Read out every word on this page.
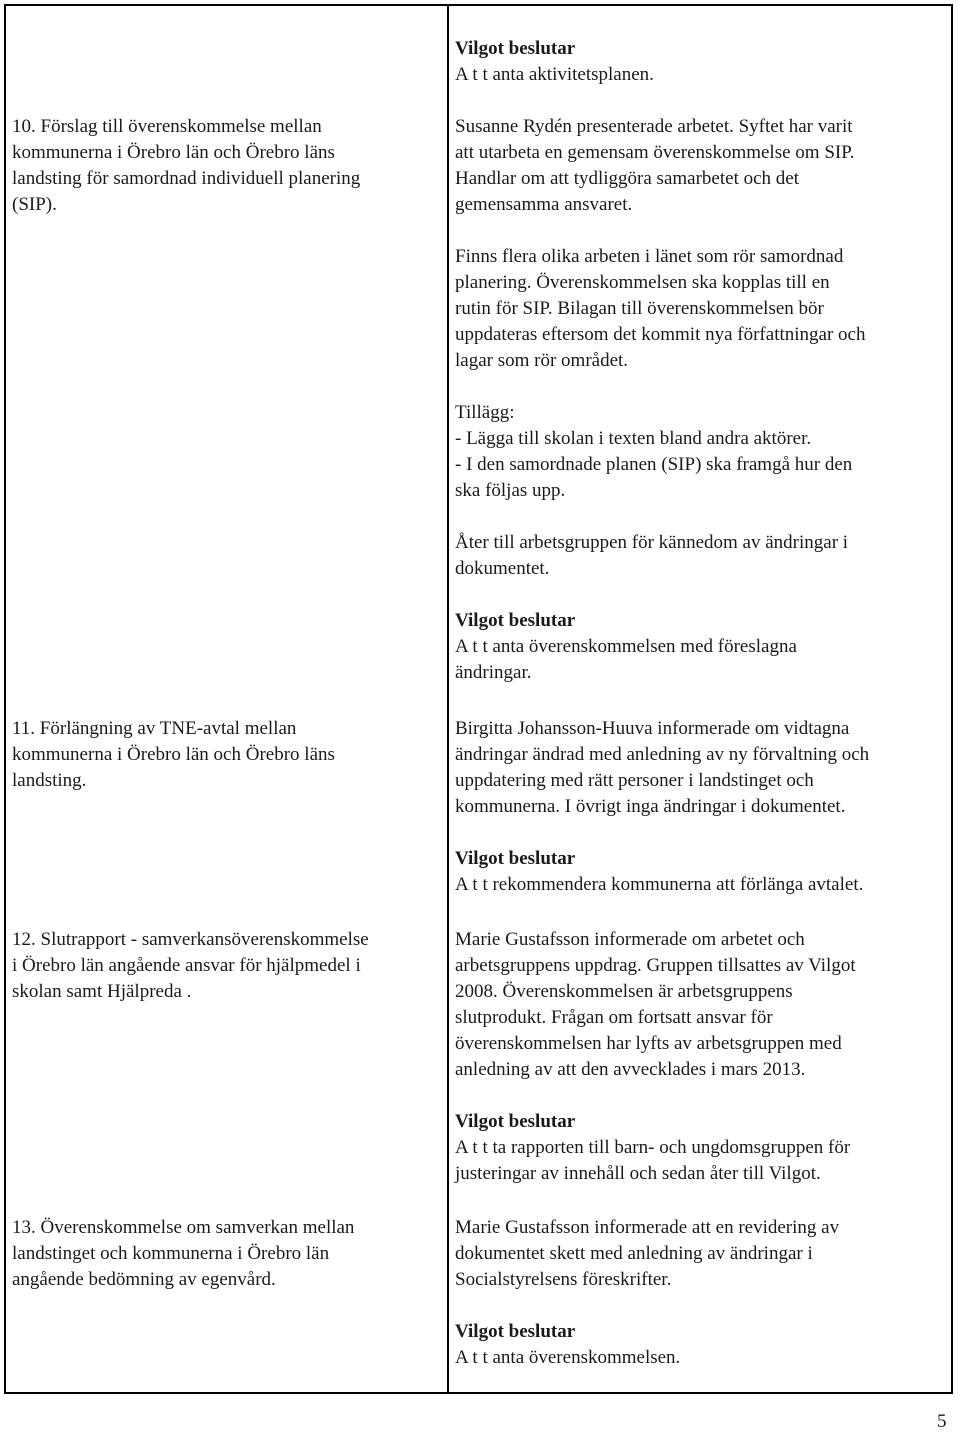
Vilgot beslutar
A t t anta aktivitetsplanen.
10. Förslag till överenskommelse mellan
kommunerna i Örebro län och Örebro läns
landsting för samordnad individuell planering
(SIP).
Susanne Rydén presenterade arbetet. Syftet har varit
att utarbeta en gemensam överenskommelse om SIP.
Handlar om att tydliggöra samarbetet och det
gemensamma ansvaret.
Finns flera olika arbeten i länet som rör samordnad
planering. Överenskommelsen ska kopplas till en
rutin för SIP. Bilagan till överenskommelsen bör
uppdateras eftersom det kommit nya författningar och
lagar som rör området.
Tillägg:
- Lägga till skolan i texten bland andra aktörer.
- I den samordnade planen (SIP) ska framgå hur den
ska följas upp.
Åter till arbetsgruppen för kännedom av ändringar i
dokumentet.
Vilgot beslutar
A t t anta överenskommelsen med föreslagna
ändringar.
11. Förlängning av TNE-avtal mellan
kommunerna i Örebro län och Örebro läns
landsting.
Birgitta Johansson-Huuva informerade om vidtagna
ändringar ändrad med anledning av ny förvaltning och
uppdatering med rätt personer i landstinget och
kommunerna. I övrigt inga ändringar i dokumentet.
Vilgot beslutar
A t t rekommendera kommunerna att förlänga avtalet.
12. Slutrapport - samverkansöverenskommelse
i Örebro län angående ansvar för hjälpmedel i
skolan samt Hjälpreda .
Marie Gustafsson informerade om arbetet och
arbetsgruppens uppdrag. Gruppen tillsattes av Vilgot
2008. Överenskommelsen är arbetsgruppens
slutprodukt. Frågan om fortsatt ansvar för
överenskommelsen har lyfts av arbetsgruppen med
anledning av att den avvecklades i mars 2013.
Vilgot beslutar
A t t ta rapporten till barn- och ungdomsgruppen för
justeringar av innehåll och sedan åter till Vilgot.
13. Överenskommelse om samverkan mellan
landstinget och kommunerna i Örebro län
angående bedömning av egenvård.
Marie Gustafsson informerade att en revidering av
dokumentet skett med anledning av ändringar i
Socialstyrelsens föreskrifter.
Vilgot beslutar
A t t anta överenskommelsen.
5
